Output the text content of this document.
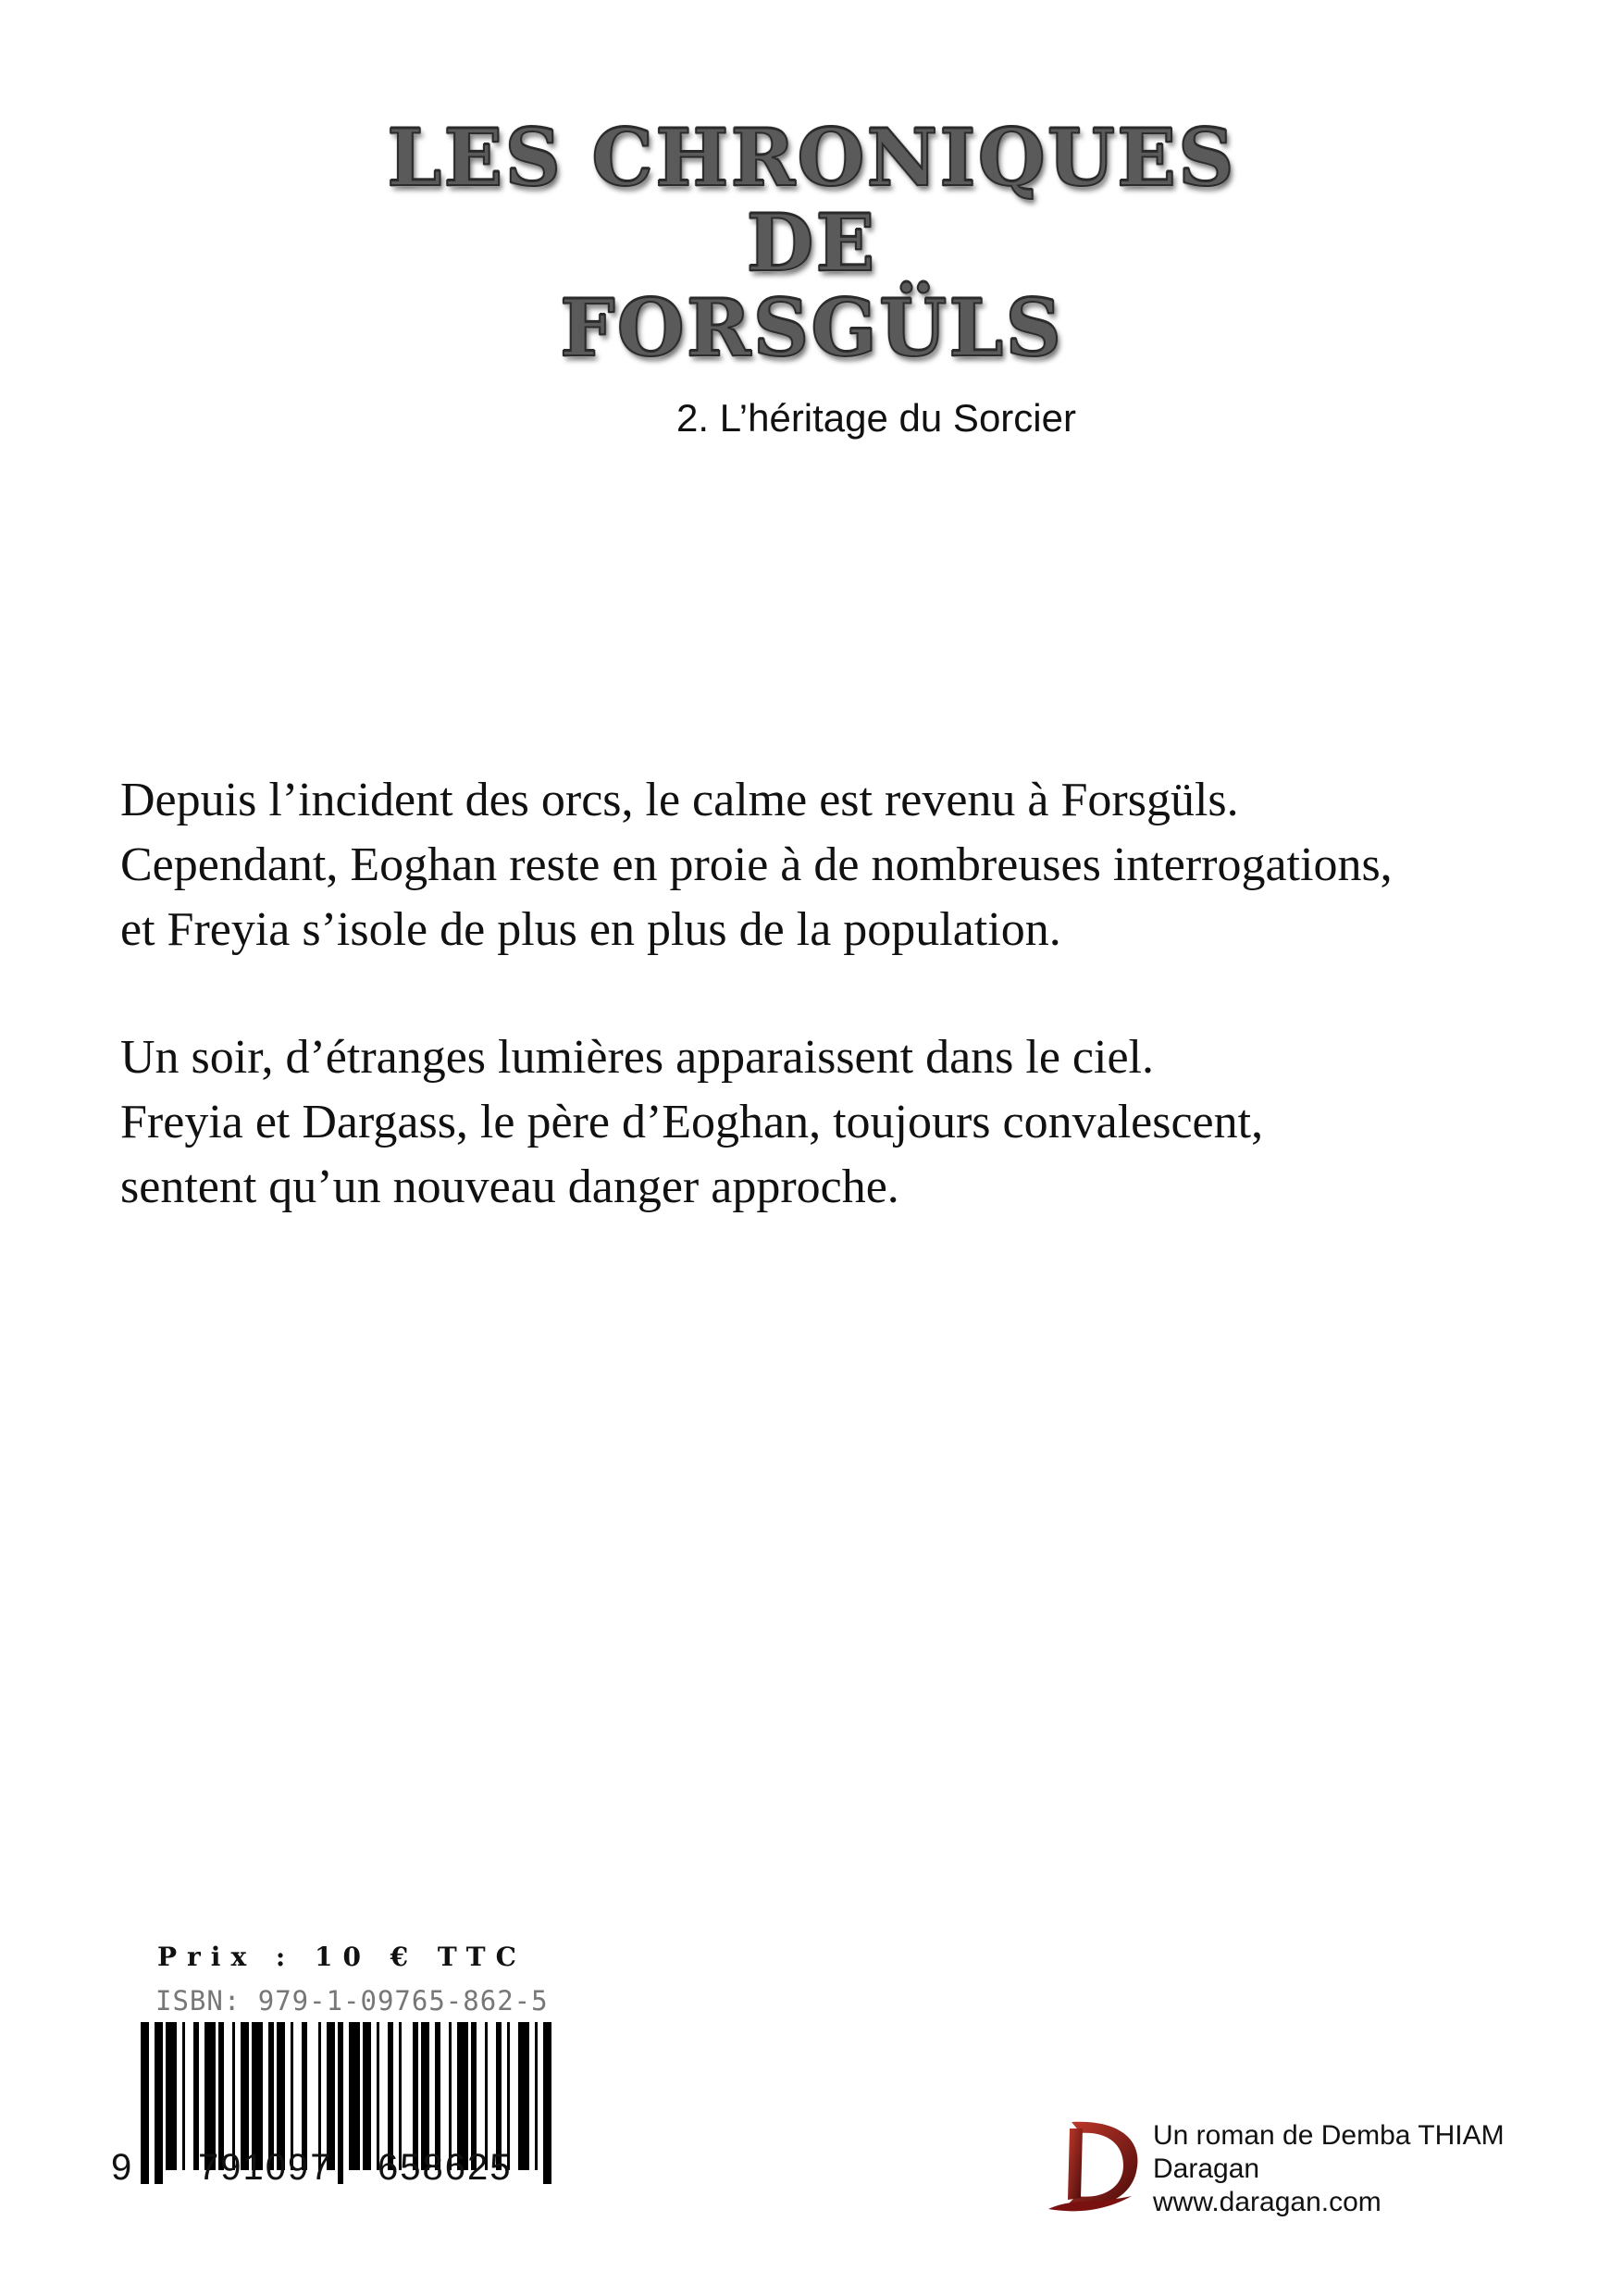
LES CHRONIQUES

DE

FORSGÜLS

2. L’héritage du Sorcier

Depuis l’incident des orcs, le calme est revenu à Forsgüls.
Cependant, Eoghan reste en proie à de nombreuses interrogations,
et Freyia s’isole de plus en plus de la population.

Un soir, d’étranges lumières apparaissent dans le ciel.
Freyia et Dargass, le père d’Eoghan, toujours convalescent,
sentent qu’un nouveau danger approche.

Prix : 10 € TTC
ISBN: 979-1-09765-862-5
9 791097 658625
Un roman de Demba THIAM
Daragan
www.daragan.com
